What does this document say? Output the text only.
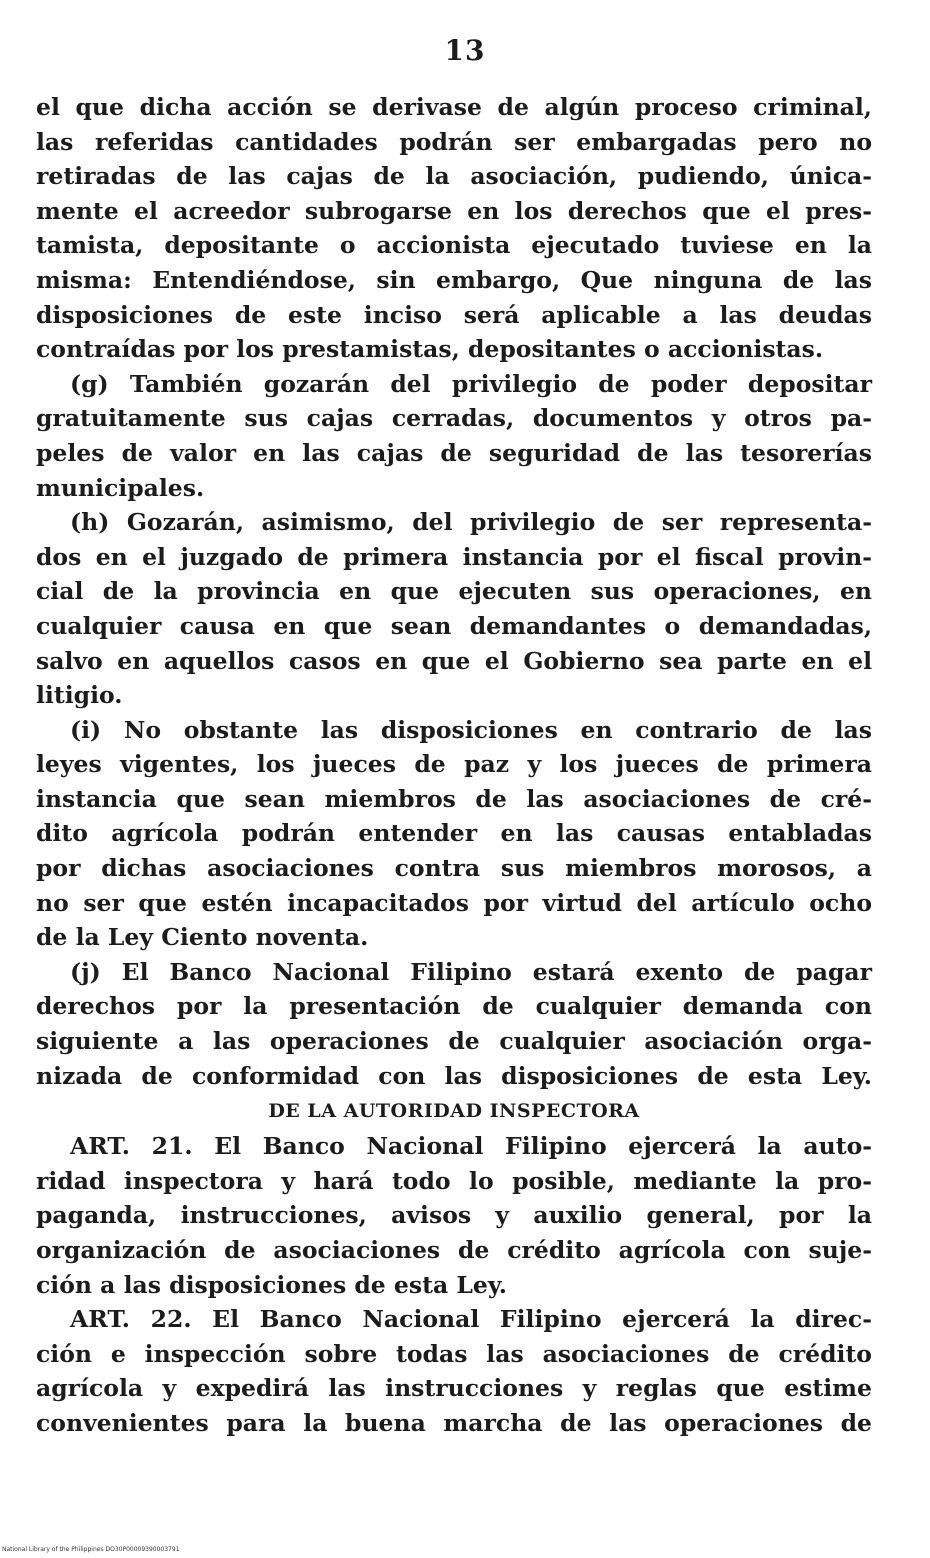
13
el que dicha acción se derivase de algún proceso criminal,
las referidas cantidades podrán ser embargadas pero no
retiradas de las cajas de la asociación, pudiendo, única-
mente el acreedor subrogarse en los derechos que el pres-
tamista, depositante o accionista ejecutado tuviese en la
misma: Entendiéndose, sin embargo, Que ninguna de las
disposiciones de este inciso será aplicable a las deudas
contraídas por los prestamistas, depositantes o accionistas.
(g) También gozarán del privilegio de poder depositar
gratuitamente sus cajas cerradas, documentos y otros pa-
peles de valor en las cajas de seguridad de las tesorerías
municipales.
(h) Gozarán, asimismo, del privilegio de ser representa-
dos en el juzgado de primera instancia por el fiscal provin-
cial de la provincia en que ejecuten sus operaciones, en
cualquier causa en que sean demandantes o demandadas,
salvo en aquellos casos en que el Gobierno sea parte en el
litigio.
(i) No obstante las disposiciones en contrario de las
leyes vigentes, los jueces de paz y los jueces de primera
instancia que sean miembros de las asociaciones de cré-
dito agrícola podrán entender en las causas entabladas
por dichas asociaciones contra sus miembros morosos, a
no ser que estén incapacitados por virtud del artículo ocho
de la Ley Ciento noventa.
(j) El Banco Nacional Filipino estará exento de pagar
derechos por la presentación de cualquier demanda con
siguiente a las operaciones de cualquier asociación orga-
nizada de conformidad con las disposiciones de esta Ley.
DE LA AUTORIDAD INSPECTORA
ART. 21. El Banco Nacional Filipino ejercerá la auto-
ridad inspectora y hará todo lo posible, mediante la pro-
paganda, instrucciones, avisos y auxilio general, por la
organización de asociaciones de crédito agrícola con suje-
ción a las disposiciones de esta Ley.
ART. 22. El Banco Nacional Filipino ejercerá la direc-
ción e inspección sobre todas las asociaciones de crédito
agrícola y expedirá las instrucciones y reglas que estime
convenientes para la buena marcha de las operaciones de
National Library of the Philippines DO30P00009390003791
